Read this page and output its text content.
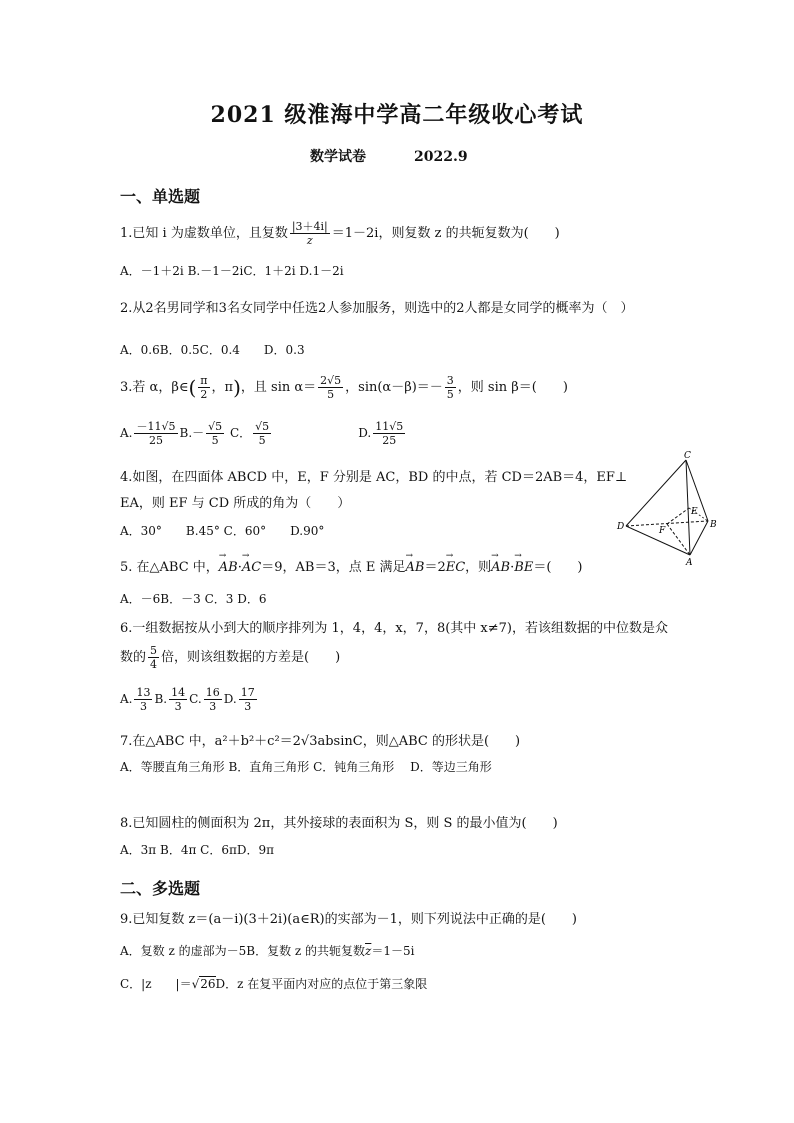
2021 级淮海中学高二年级收心考试
数学试卷	2022.9
一、单选题
1.已知 i 为虚数单位，且复数 $\frac{|3+4i|}{z} =1-2i$，则复数 z 的共轭复数为(　　)
A．－1＋2i B.－1－2iC．1＋2i D.1－2i
2.从2名男同学和3名女同学中任选2人参加服务，则选中的2人都是女同学的概率为（　）
A．0.6B．0.5C．0.4　　D．0.3
3.若 α，β∈( $\frac{\pi}{2}$ ，π)，且 $\sin \alpha= \frac{2√5}{5}$ ，$\sin(\alpha-\beta)=- \frac{3}{5}$ ，则 sin β＝(　　)
A. $\frac{-11√5}{25} B.- \frac{√5}{5}$ C． $\frac{√5}{5}$	D. $\frac{11√5}{25}$
4.如图，在四面体 ABCD 中，E，F 分别是 AC，BD 的中点，若 CD＝2AB＝4，EF⊥
EA，则 EF 与 CD 所成的角为（　　）
A．30°　　B.45° C．60°　　D.90°
C
D
E
B
F
A
5. 在△ABC 中，→ AB·→ AC＝9，AB＝3，点 E 满足→ AB＝2→ EC，则→ AB·→ BE＝(　　)
A．－6B．－3 C．3 D．6
6.一组数据按从小到大的顺序排列为 1，4，4，x，7，8(其中 x≠7)，若该组数据的中位数是众
数的 $\frac{5}{4}$ 倍，则该组数据的方差是(　　)
A. $\frac{13}{3} B$. $\frac{14}{3} C$. $\frac{16}{3} D$. $\frac{17}{3}$
7.在△ABC 中，a²＋b²＋c²＝2√3absinC，则△ABC 的形状是(　　)
A．等腰直角三角形 B．直角三角形 C．钝角三角形　 D．等边三角形
8.已知圆柱的侧面积为 2π，其外接球的表面积为 S，则 S 的最小值为(　　)
A．3π B．4π C．6πD．9π
二、多选题
9.已知复数 z＝(a－i)(3＋2i)(a∈R)的实部为－1，则下列说法中正确的是(　　)
A．复数 z 的虚部为－5B．复数 z 的共轭复数$\overline{z}=1-5i$
C．|z　　|＝√26D．z 在复平面内对应的点位于第三象限
